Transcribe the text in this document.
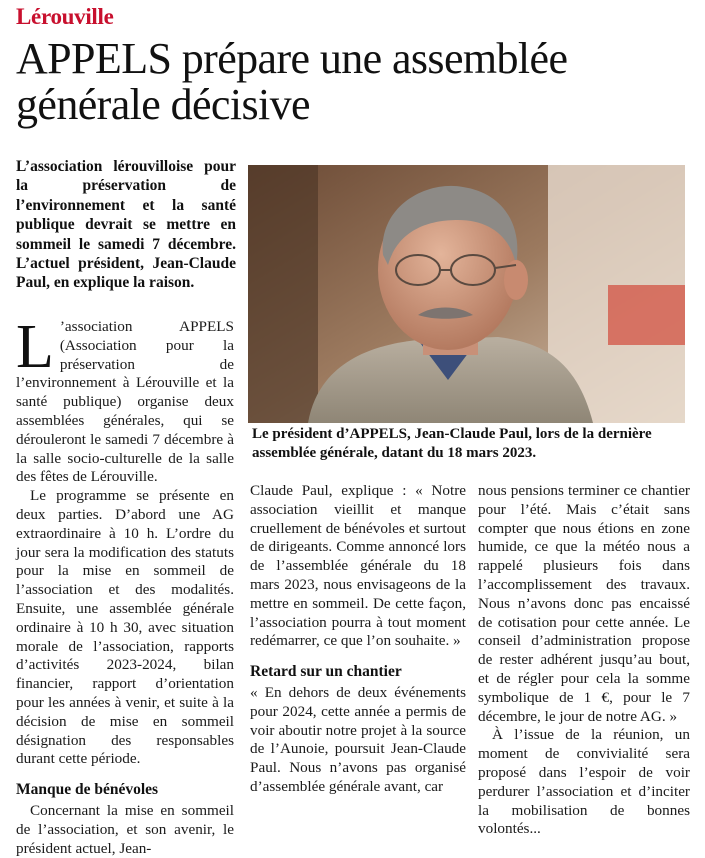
Lérouville
APPELS prépare une assemblée générale décisive

L’association lérouvilloise pour la préservation de l’environnement et la santé publique devrait se mettre en sommeil le samedi 7 décembre. L’actuel président, Jean-Claude Paul, en explique la raison.

Le président d’APPELS, Jean-Claude Paul, lors de la dernière assemblée générale, datant du 18 mars 2023.

L ’association APPELS (Association pour la préservation de l’environnement à Lérouville et la santé publique) organise deux assemblées générales, qui se dérouleront le samedi 7 décembre à la salle socio-culturelle de la salle des fêtes de Lérouville.

Le programme se présente en deux parties. D’abord une AG extraordinaire à 10 h. L’ordre du jour sera la modification des statuts pour la mise en sommeil de l’association et des modalités. Ensuite, une assemblée générale ordinaire à 10 h 30, avec situation morale de l’association, rapports d’activités 2023-2024, bilan financier, rapport d’orientation pour les années à venir, et suite à la décision de mise en sommeil désignation des responsables durant cette période.

Manque de bénévoles

Concernant la mise en sommeil de l’association, et son avenir, le président actuel, Jean-

Claude Paul, explique : « Notre association vieillit et manque cruellement de bénévoles et surtout de dirigeants. Comme annoncé lors de l’assemblée générale du 18 mars 2023, nous envisageons de la mettre en sommeil. De cette façon, l’association pourra à tout moment redémarrer, ce que l’on souhaite. »

Retard sur un chantier

« En dehors de deux événements pour 2024, cette année a permis de voir aboutir notre projet à la source de l’Aunoie, poursuit Jean-Claude Paul. Nous n’avons pas organisé d’assemblée générale avant, car

nous pensions terminer ce chantier pour l’été. Mais c’était sans compter que nous étions en zone humide, ce que la météo nous a rappelé plusieurs fois dans l’accomplissement des travaux. Nous n’avons donc pas encaissé de cotisation pour cette année. Le conseil d’administration propose de rester adhérent jusqu’au bout, et de régler pour cela la somme symbolique de 1 €, pour le 7 décembre, le jour de notre AG. »

À l’issue de la réunion, un moment de convivialité sera proposé dans l’espoir de voir perdurer l’association et d’inciter la mobilisation de bonnes volontés...
